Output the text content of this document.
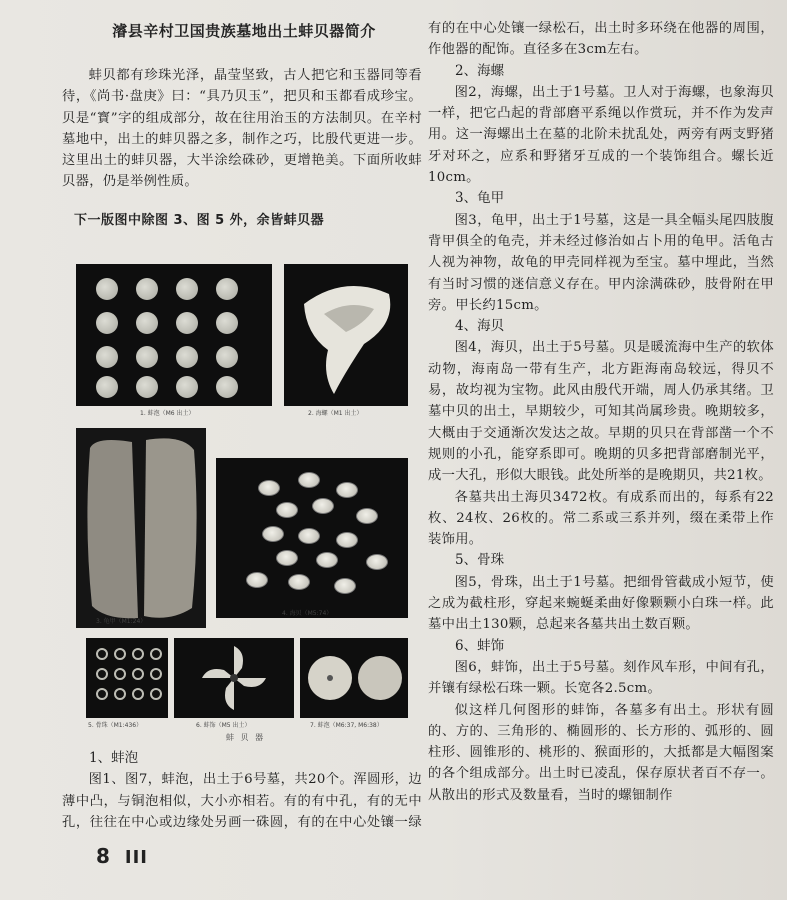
濬县辛村卫国贵族墓地出土蚌贝器简介

蚌贝都有珍珠光泽，晶莹坚致，古人把它和玉器同等看待，《尚书·盘庚》曰：“具乃贝玉”，把贝和玉都看成珍宝。贝是“寳”字的组成部分，故在往用治玉的方法制贝。在辛村墓地中，出土的蚌贝器之多，制作之巧，比殷代更进一步。这里出土的蚌贝器，大半涂绘硃砂，更增艳美。下面所收蚌贝器，仍是举例性质。

下一版图中除图 3、图 5 外，余皆蚌贝器
1. 蚌泡（M6 出土）	2. 海螺（M1 出土）
3. 龟甲（M1:24）
4. 海贝（M5:74）
5. 骨珠（M1:436）	6. 蚌饰（M5 出土）	7. 蚌泡（M6:37, M6:38）
蚌 贝 器

1、蚌泡

图1、图7，蚌泡，出土于6号墓，共20个。浑圆形，边薄中凸，与铜泡相似，大小亦相若。有的有中孔，有的无中孔，往往在中心或边缘处另画一硃圆，有的在中心处镶一绿

有的在中心处镶一绿松石，出土时多环绕在他器的周围，作他器的配饰。直径多在3cm左右。

2、海螺

图2，海螺，出土于1号墓。卫人对于海螺，也象海贝一样，把它凸起的背部磨平系绳以作赏玩，并不作为发声用。这一海螺出土在墓的北阶未扰乱处，两旁有两支野猪牙对环之，应系和野猪牙互成的一个装饰组合。螺长近10cm。

3、龟甲

图3，龟甲，出土于1号墓，这是一具全幅头尾四肢腹背甲俱全的龟壳，并未经过修治如占卜用的龟甲。活龟古人视为神物，故龟的甲壳同样视为至宝。墓中埋此，当然有当时习惯的迷信意义存在。甲内涂满硃砂，肢骨附在甲旁。甲长约15cm。

4、海贝

图4，海贝，出土于5号墓。贝是暖流海中生产的软体动物，海南岛一带有生产，北方距海南岛较远，得贝不易，故均视为宝物。此风由殷代开端，周人仍承其绪。卫墓中贝的出土，早期较少，可知其尚属珍贵。晚期较多，大概由于交通渐次发达之故。早期的贝只在背部凿一个不规则的小孔，能穿系即可。晚期的贝多把背部磨制光平，成一大孔，形似大眼钱。此处所举的是晚期贝，共21枚。

各墓共出土海贝3472枚。有成系而出的，每系有22枚、24枚、26枚的。常二系或三系并列，缀在柔带上作装饰用。

5、骨珠

图5，骨珠，出土于1号墓。把细骨管截成小短节，使之成为截柱形，穿起来蜿蜒柔曲好像颗颗小白珠一样。此墓中出土130颗，总起来各墓共出土数百颗。

6、蚌饰

图6，蚌饰，出土于5号墓。刻作风车形，中间有孔，并镶有绿松石珠一颗。长宽各2.5cm。

似这样几何图形的蚌饰，各墓多有出土。形状有圆的、方的、三角形的、椭圆形的、长方形的、弧形的、圆柱形、圆锥形的、桃形的、猴面形的，大抵都是大幅图案的各个组成部分。出土时已凌乱，保存原状者百不存一。从散出的形式及数量看，当时的螺钿制作

8 III
